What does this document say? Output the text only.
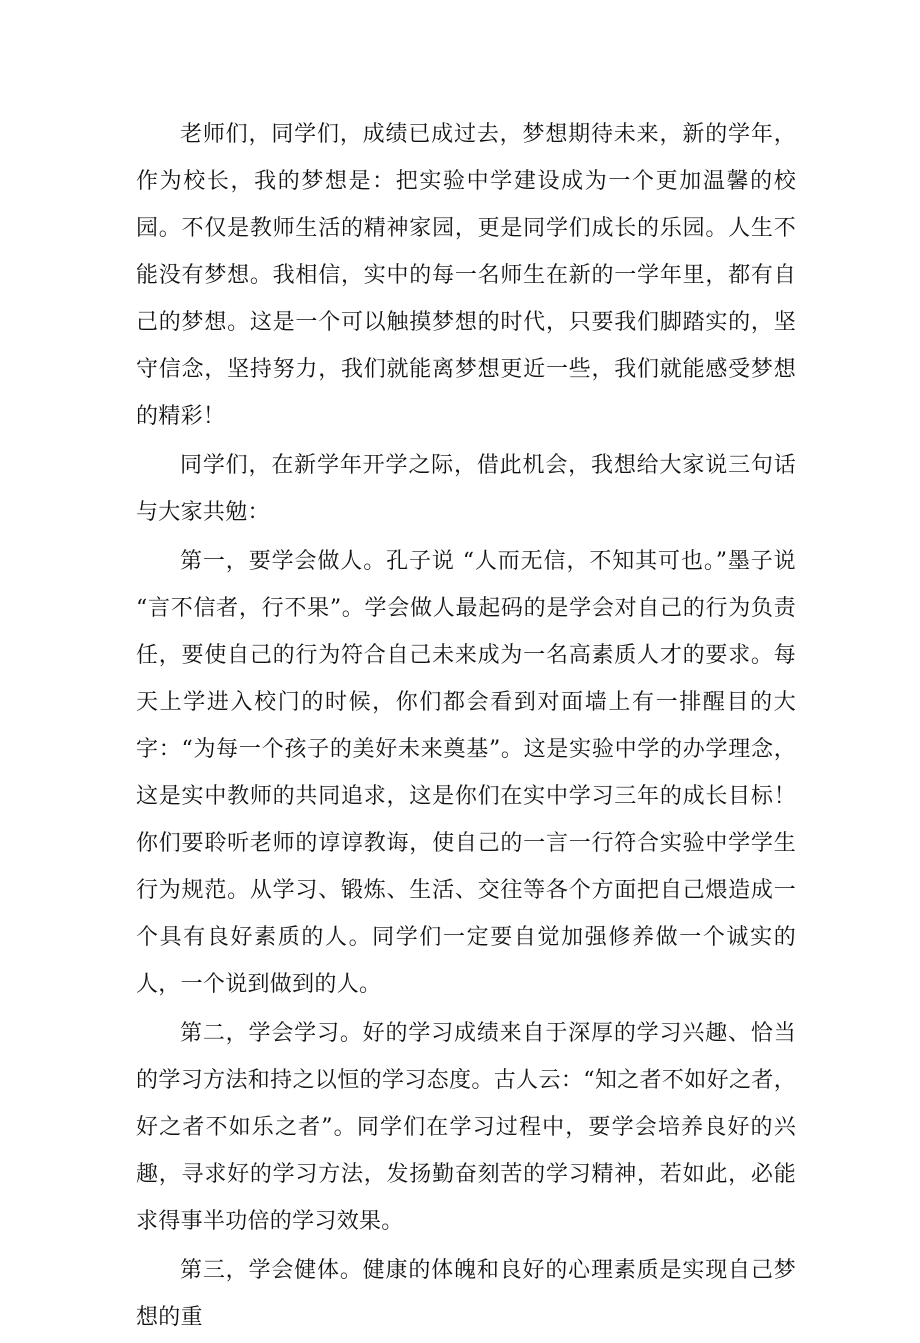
老师们，同学们，成绩已成过去，梦想期待未来，新的学年，作为校长，我的梦想是：把实验中学建设成为一个更加温馨的校园。不仅是教师生活的精神家园，更是同学们成长的乐园。人生不能没有梦想。我相信，实中的每一名师生在新的一学年里，都有自己的梦想。这是一个可以触摸梦想的时代，只要我们脚踏实的，坚守信念，坚持努力，我们就能离梦想更近一些，我们就能感受梦想的精彩！

同学们，在新学年开学之际，借此机会，我想给大家说三句话与大家共勉：

第一，要学会做人。孔子说 “人而无信，不知其可也。”墨子说 “言不信者，行不果”。学会做人最起码的是学会对自己的行为负责任，要使自己的行为符合自己未来成为一名高素质人才的要求。每天上学进入校门的时候，你们都会看到对面墙上有一排醒目的大字：“为每一个孩子的美好未来奠基”。这是实验中学的办学理念，这是实中教师的共同追求，这是你们在实中学习三年的成长目标！你们要聆听老师的谆谆教诲，使自己的一言一行符合实验中学学生行为规范。从学习、锻炼、生活、交往等各个方面把自己煨造成一个具有良好素质的人。同学们一定要自觉加强修养做一个诚实的人，一个说到做到的人。

第二，学会学习。好的学习成绩来自于深厚的学习兴趣、恰当的学习方法和持之以恒的学习态度。古人云：“知之者不如好之者，好之者不如乐之者”。同学们在学习过程中，要学会培养良好的兴趣，寻求好的学习方法，发扬勤奋刻苦的学习精神，若如此，必能求得事半功倍的学习效果。

第三，学会健体。健康的体魄和良好的心理素质是实现自己梦想的重
